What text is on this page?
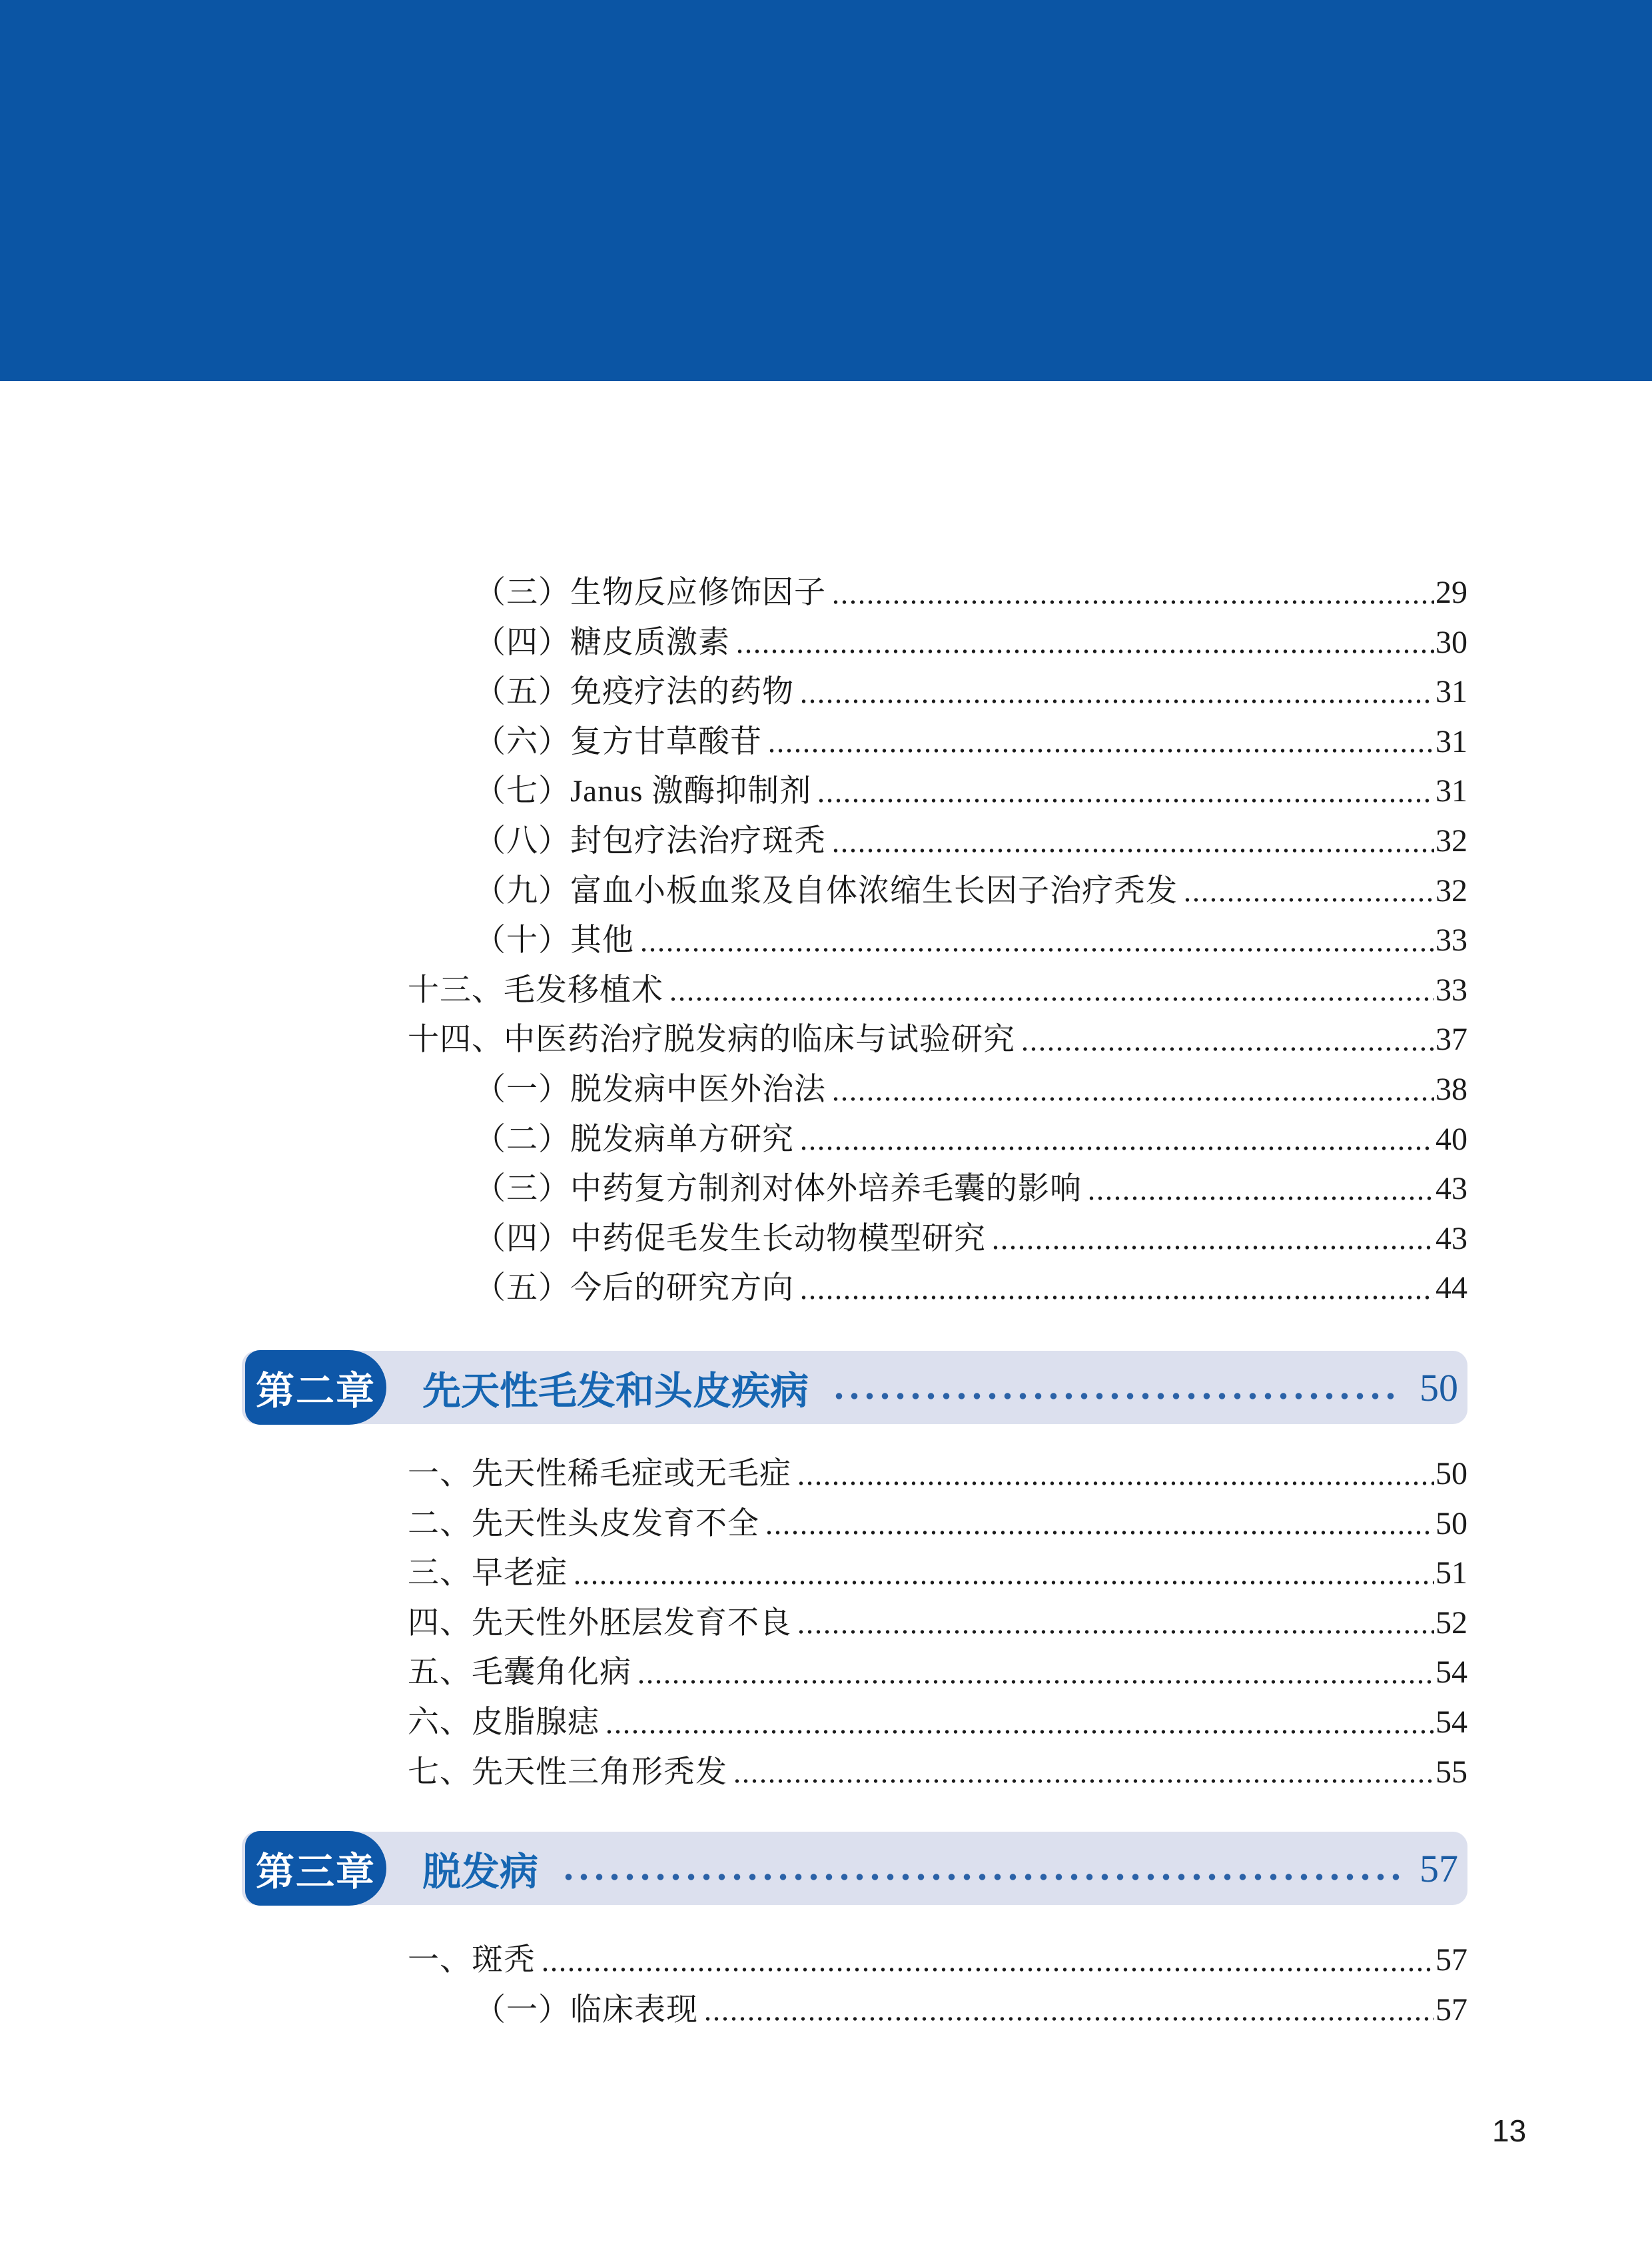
（三）生物反应修饰因子	29
（四）糖皮质激素	30
（五）免疫疗法的药物	31
（六）复方甘草酸苷	31
（七）Janus 激酶抑制剂	31
（八）封包疗法治疗斑秃	32
（九）富血小板血浆及自体浓缩生长因子治疗秃发	32
（十）其他	33
十三、毛发移植术	33
十四、中医药治疗脱发病的临床与试验研究	37
（一）脱发病中医外治法	38
（二）脱发病单方研究	40
（三）中药复方制剂对体外培养毛囊的影响	43
（四）中药促毛发生长动物模型研究	43
（五）今后的研究方向	44
第二章 先天性毛发和头皮疾病	50
一、先天性稀毛症或无毛症	50
二、先天性头皮发育不全	50
三、早老症	51
四、先天性外胚层发育不良	52
五、毛囊角化病	54
六、皮脂腺痣	54
七、先天性三角形秃发	55
第三章 脱发病	57
一、斑秃	57
（一）临床表现	57
13
